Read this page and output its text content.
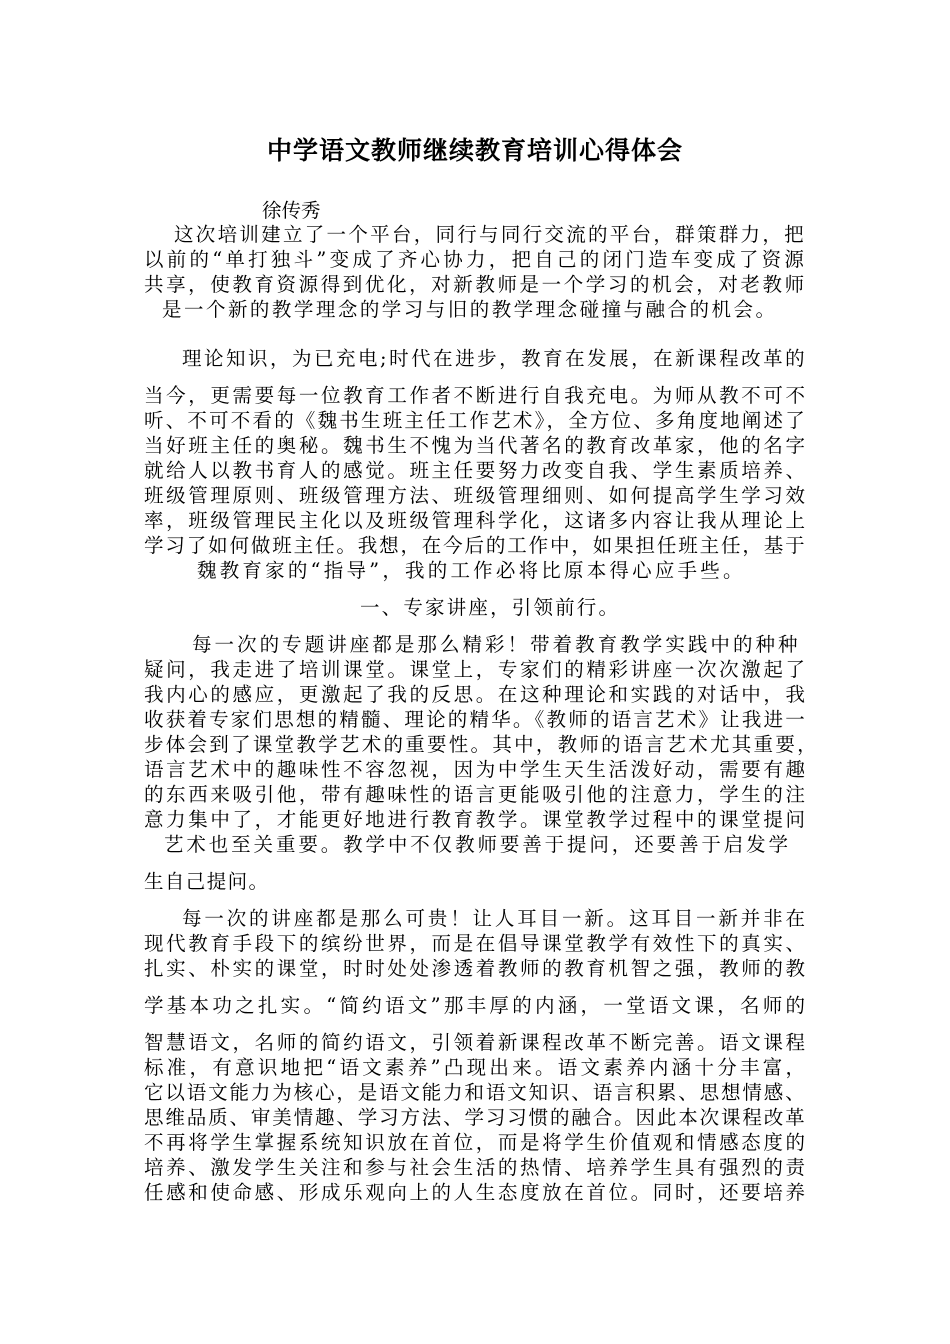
中学语文教师继续教育培训心得体会
徐传秀
这次培训建立了一个平台，同行与同行交流的平台，群策群力，把
以前的“单打独斗”变成了齐心协力，把自己的闭门造车变成了资源
共享，使教育资源得到优化，对新教师是一个学习的机会，对老教师
是一个新的教学理念的学习与旧的教学理念碰撞与融合的机会。
理论知识，为已充电;时代在进步，教育在发展，在新课程改革的
当今，更需要每一位教育工作者不断进行自我充电。为师从教不可不
听、不可不看的《魏书生班主任工作艺术》，全方位、多角度地阐述了
当好班主任的奥秘。魏书生不愧为当代著名的教育改革家，他的名字
就给人以教书育人的感觉。班主任要努力改变自我、学生素质培养、
班级管理原则、班级管理方法、班级管理细则、如何提高学生学习效
率，班级管理民主化以及班级管理科学化，这诸多内容让我从理论上
学习了如何做班主任。我想，在今后的工作中，如果担任班主任，基于
魏教育家的“指导”，我的工作必将比原本得心应手些。
一、专家讲座，引领前行。
每一次的专题讲座都是那么精彩！带着教育教学实践中的种种
疑问，我走进了培训课堂。课堂上，专家们的精彩讲座一次次激起了
我内心的感应，更激起了我的反思。在这种理论和实践的对话中，我
收获着专家们思想的精髓、理论的精华。《教师的语言艺术》让我进一
步体会到了课堂教学艺术的重要性。其中，教师的语言艺术尤其重要，
语言艺术中的趣味性不容忽视，因为中学生天生活泼好动，需要有趣
的东西来吸引他，带有趣味性的语言更能吸引他的注意力，学生的注
意力集中了，才能更好地进行教育教学。课堂教学过程中的课堂提问
艺术也至关重要。教学中不仅教师要善于提问，还要善于启发学
生自己提问。
每一次的讲座都是那么可贵！让人耳目一新。这耳目一新并非在
现代教育手段下的缤纷世界，而是在倡导课堂教学有效性下的真实、
扎实、朴实的课堂，时时处处渗透着教师的教育机智之强，教师的教
学基本功之扎实。“简约语文”那丰厚的内涵，一堂语文课，名师的
智慧语文，名师的简约语文，引领着新课程改革不断完善。语文课程
标准，有意识地把“语文素养”凸现出来。语文素养内涵十分丰富，
它以语文能力为核心，是语文能力和语文知识、语言积累、思想情感、
思维品质、审美情趣、学习方法、学习习惯的融合。因此本次课程改革
不再将学生掌握系统知识放在首位，而是将学生价值观和情感态度的
培养、激发学生关注和参与社会生活的热情、培养学生具有强烈的责
任感和使命感、形成乐观向上的人生态度放在首位。同时，还要培养
